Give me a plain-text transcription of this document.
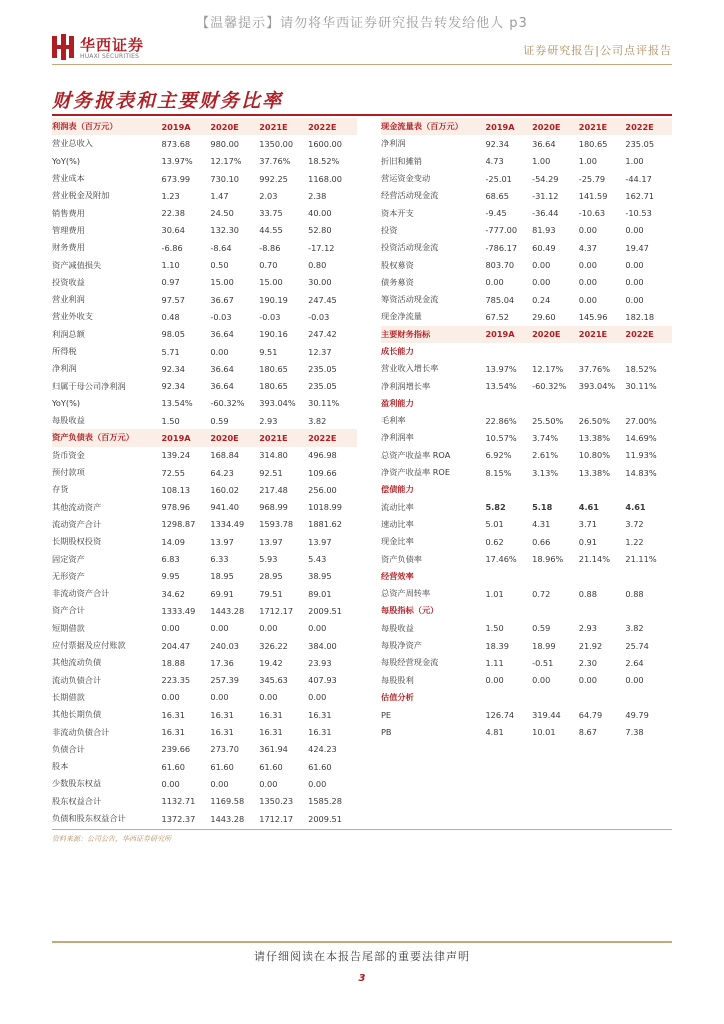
【温馨提示】请勿将华西证券研究报告转发给他人 p3
华西证券
HUAXI SECURITIES	证券研究报告|公司点评报告
财务报表和主要财务比率
利润表（百万元）	2019A	2020E	2021E	2022E
营业总收入	873.68	980.00	1350.00	1600.00
YoY(%)	13.97%	12.17%	37.76%	18.52%
营业成本	673.99	730.10	992.25	1168.00
营业税金及附加	1.23	1.47	2.03	2.38
销售费用	22.38	24.50	33.75	40.00
管理费用	30.64	132.30	44.55	52.80
财务费用	-6.86	-8.64	-8.86	-17.12
资产减值损失	1.10	0.50	0.70	0.80
投资收益	0.97	15.00	15.00	30.00
营业利润	97.57	36.67	190.19	247.45
营业外收支	0.48	-0.03	-0.03	-0.03
利润总额	98.05	36.64	190.16	247.42
所得税	5.71	0.00	9.51	12.37
净利润	92.34	36.64	180.65	235.05
归属于母公司净利润	92.34	36.64	180.65	235.05
YoY(%)	13.54%	-60.32%	393.04%	30.11%
每股收益	1.50	0.59	2.93	3.82
资产负债表（百万元）	2019A	2020E	2021E	2022E
货币资金	139.24	168.84	314.80	496.98
预付款项	72.55	64.23	92.51	109.66
存货	108.13	160.02	217.48	256.00
其他流动资产	978.96	941.40	968.99	1018.99
流动资产合计	1298.87	1334.49	1593.78	1881.62
长期股权投资	14.09	13.97	13.97	13.97
固定资产	6.83	6.33	5.93	5.43
无形资产	9.95	18.95	28.95	38.95
非流动资产合计	34.62	69.91	79.51	89.01
资产合计	1333.49	1443.28	1712.17	2009.51
短期借款	0.00	0.00	0.00	0.00
应付票据及应付账款	204.47	240.03	326.22	384.00
其他流动负债	18.88	17.36	19.42	23.93
流动负债合计	223.35	257.39	345.63	407.93
长期借款	0.00	0.00	0.00	0.00
其他长期负债	16.31	16.31	16.31	16.31
非流动负债合计	16.31	16.31	16.31	16.31
负债合计	239.66	273.70	361.94	424.23
股本	61.60	61.60	61.60	61.60
少数股东权益	0.00	0.00	0.00	0.00
股东权益合计	1132.71	1169.58	1350.23	1585.28
负债和股东权益合计	1372.37	1443.28	1712.17	2009.51
现金流量表（百万元）	2019A	2020E	2021E	2022E
净利润	92.34	36.64	180.65	235.05
折旧和摊销	4.73	1.00	1.00	1.00
营运资金变动	-25.01	-54.29	-25.79	-44.17
经营活动现金流	68.65	-31.12	141.59	162.71
资本开支	-9.45	-36.44	-10.63	-10.53
投资	-777.00	81.93	0.00	0.00
投资活动现金流	-786.17	60.49	4.37	19.47
股权募资	803.70	0.00	0.00	0.00
债务募资	0.00	0.00	0.00	0.00
筹资活动现金流	785.04	0.24	0.00	0.00
现金净流量	67.52	29.60	145.96	182.18
主要财务指标	2019A	2020E	2021E	2022E
成长能力
营业收入增长率	13.97%	12.17%	37.76%	18.52%
净利润增长率	13.54%	-60.32%	393.04%	30.11%
盈利能力
毛利率	22.86%	25.50%	26.50%	27.00%
净利润率	10.57%	3.74%	13.38%	14.69%
总资产收益率 ROA	6.92%	2.61%	10.80%	11.93%
净资产收益率 ROE	8.15%	3.13%	13.38%	14.83%
偿债能力
流动比率	5.82	5.18	4.61	4.61
速动比率	5.01	4.31	3.71	3.72
现金比率	0.62	0.66	0.91	1.22
资产负债率	17.46%	18.96%	21.14%	21.11%
经营效率
总资产周转率	1.01	0.72	0.88	0.88
每股指标（元）
每股收益	1.50	0.59	2.93	3.82
每股净资产	18.39	18.99	21.92	25.74
每股经营现金流	1.11	-0.51	2.30	2.64
每股股利	0.00	0.00	0.00	0.00
估值分析
PE	126.74	319.44	64.79	49.79
PB	4.81	10.01	8.67	7.38
资料来源：公司公告，华西证券研究所
请仔细阅读在本报告尾部的重要法律声明
3
